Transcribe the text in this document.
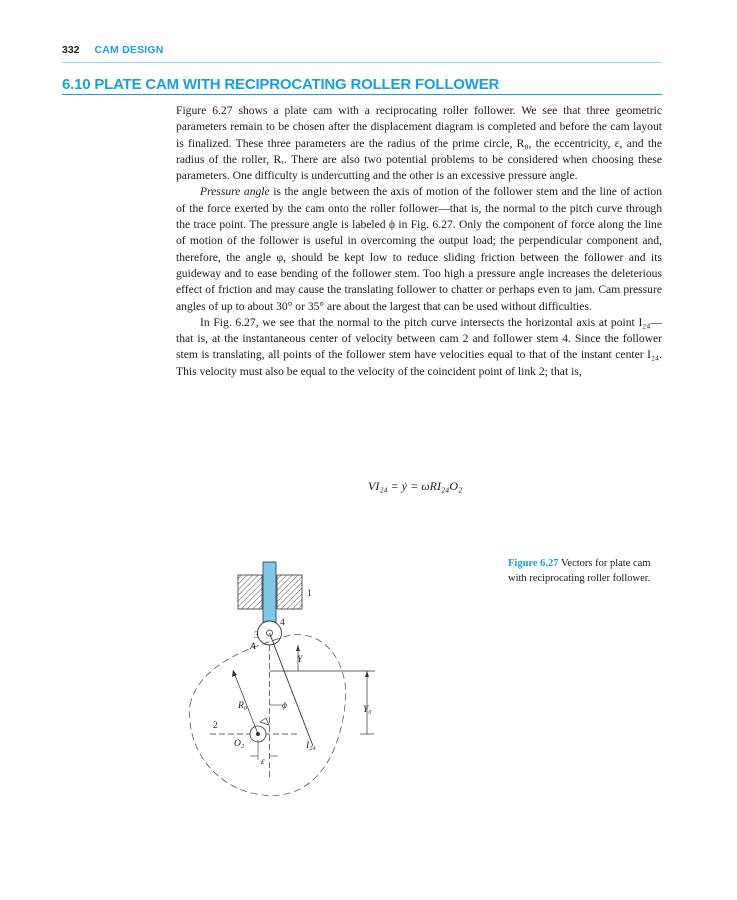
332 CAM DESIGN
6.10 PLATE CAM WITH RECIPROCATING ROLLER FOLLOWER

Figure 6.27 shows a plate cam with a reciprocating roller follower. We see that three geometric parameters remain to be chosen after the displacement diagram is completed and before the cam layout is finalized. These three parameters are the radius of the prime circle, R₀, the eccentricity, ε, and the radius of the roller, Rᵣ. There are also two potential problems to be considered when choosing these parameters. One difficulty is undercutting and the other is an excessive pressure angle.

Pressure angle is the angle between the axis of motion of the follower stem and the line of action of the force exerted by the cam onto the roller follower—that is, the normal to the pitch curve through the trace point. The pressure angle is labeled ϕ in Fig. 6.27. Only the component of force along the line of motion of the follower is useful in overcoming the output load; the perpendicular component and, therefore, the angle φ, should be kept low to reduce sliding friction between the follower and its guideway and to ease bending of the follower stem. Too high a pressure angle increases the deleterious effect of friction and may cause the translating follower to chatter or perhaps even to jam. Cam pressure angles of up to about 30° or 35° are about the largest that can be used without difficulties.

In Fig. 6.27, we see that the normal to the pitch curve intersects the horizontal axis at point I₂₄—that is, at the instantaneous center of velocity between cam 2 and follower stem 4. Since the follower stem is translating, all points of the follower stem have velocities equal to that of the instant center I₂₄. This velocity must also be equal to the velocity of the coincident point of link 2; that is,

VI₂₄ = ẏ = ωRI₂₄O₂
1
4
3
A
Y
R₀	ϕ	Y₀
2
O₂	I₂₄
ε
Figure 6.27 Vectors for plate cam with reciprocating roller follower.
